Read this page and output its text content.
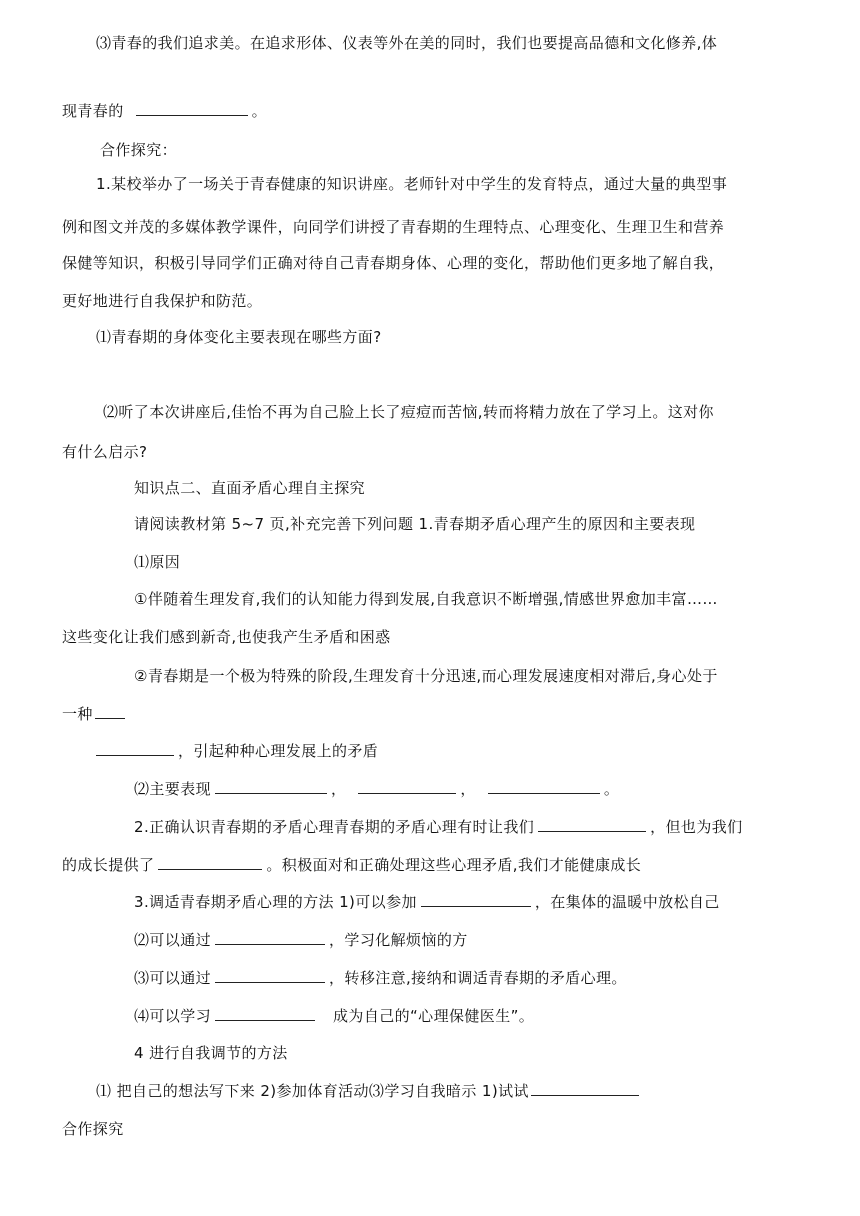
⑶青春的我们追求美。在追求形体、仪表等外在美的同时，我们也要提高品德和文化修养,体
现青春的	。
合作探究：
1.某校举办了一场关于青春健康的知识讲座。老师针对中学生的发育特点，通过大量的典型事
例和图文并茂的多媒体教学课件，向同学们讲授了青春期的生理特点、心理变化、生理卫生和营养
保健等知识，积极引导同学们正确对待自己青春期身体、心理的变化，帮助他们更多地了解自我，
更好地进行自我保护和防范。
⑴青春期的身体变化主要表现在哪些方面?
⑵听了本次讲座后,佳怡不再为自己脸上长了痘痘而苦恼,转而将精力放在了学习上。这对你
有什么启示?
知识点二、直面矛盾心理自主探究
请阅读教材第 5~7 页,补充完善下列问题 1.青春期矛盾心理产生的原因和主要表现
⑴原因
①伴随着生理发育,我们的认知能力得到发展,自我意识不断增强,情感世界愈加丰富……
这些变化让我们感到新奇,也使我产生矛盾和困惑
②青春期是一个极为特殊的阶段,生理发育十分迅速,而心理发展速度相对滞后,身心处于
一种
，引起种种心理发展上的矛盾
⑵主要表现	，	，	。
2.正确认识青春期的矛盾心理青春期的矛盾心理有时让我们	，但也为我们
的成长提供了	。积极面对和正确处理这些心理矛盾,我们才能健康成长
3.调适青春期矛盾心理的方法 1)可以参加	，在集体的温暖中放松自己
⑵可以通过	，学习化解烦恼的方
⑶可以通过	，转移注意,接纳和调适青春期的矛盾心理。
⑷可以学习	成为自己的“心理保健医生”。
4 进行自我调节的方法
⑴ 把自己的想法写下来 2)参加体育活动⑶学习自我暗示 1)试试
合作探究
